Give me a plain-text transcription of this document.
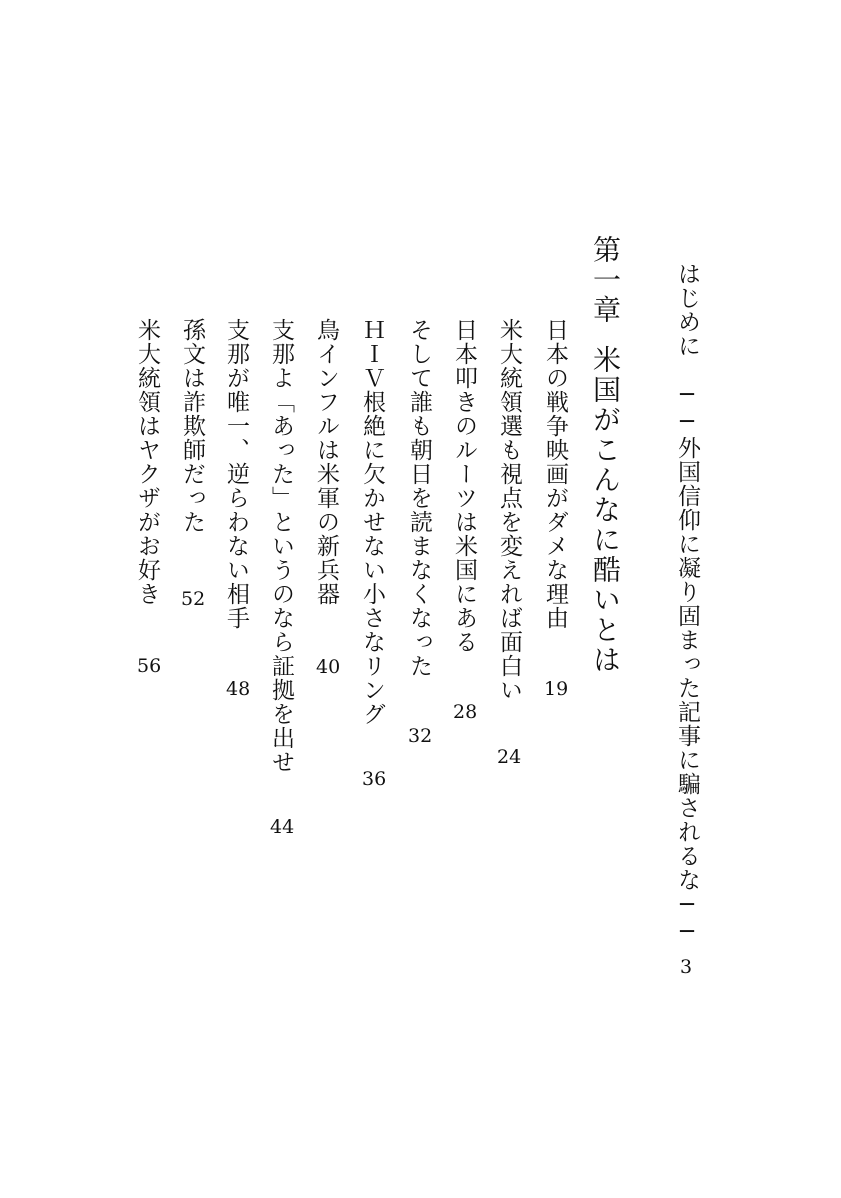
はじめに　──外国信仰に凝り固まった記事に騙されるな──
3
第一章
米国がこんなに酷いとは
日本の戦争映画がダメな理由
19
米大統領選も視点を変えれば面白い
24
日本叩きのルーツは米国にある
28
そして誰も朝日を読まなくなった
32
ＨＩＶ根絶に欠かせない小さなリング
36
鳥インフルは米軍の新兵器
40
支那よ「あった」というのなら証拠を出せ
44
支那が唯一、逆らわない相手
48
孫文は詐欺師だった
52
米大統領はヤクザがお好き
56
